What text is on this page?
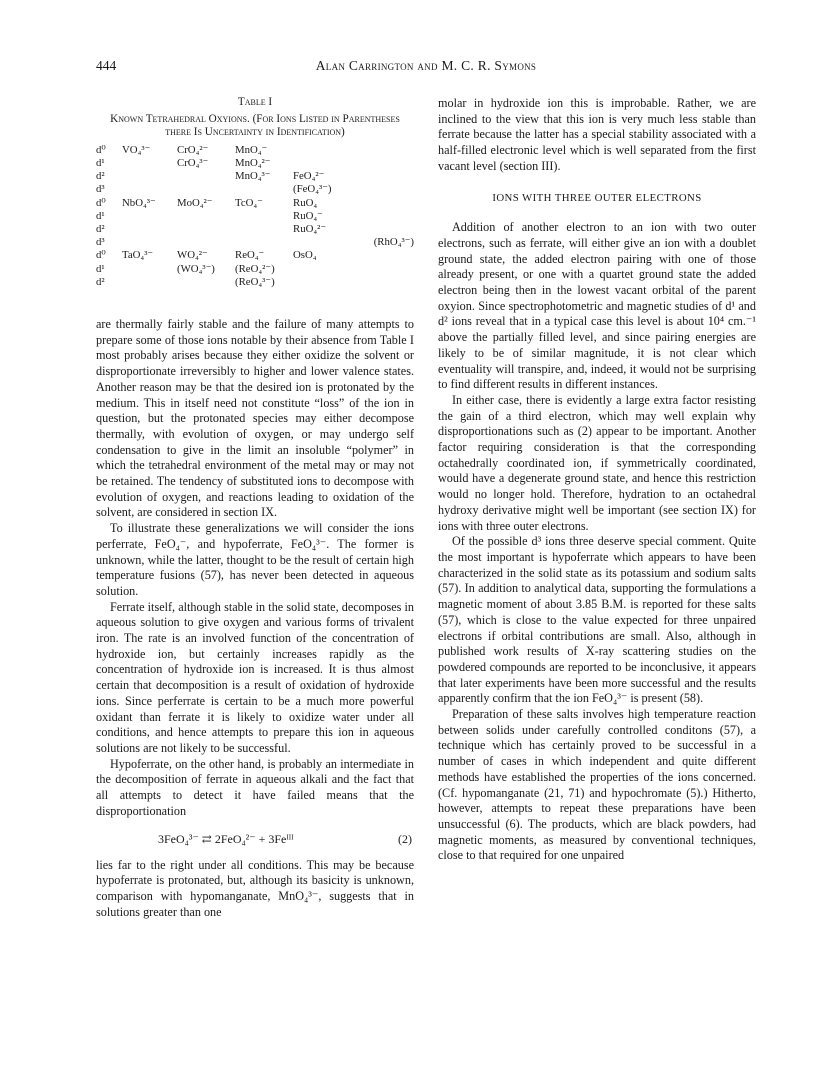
444	Alan Carrington and M. C. R. Symons
Table I
Known Tetrahedral Oxyions. (For Ions Listed in Parentheses there Is Uncertainty in Identification)
d⁰	VO₄³⁻	CrO₄²⁻	MnO₄⁻		
d¹		CrO₄³⁻	MnO₄²⁻		
d²			MnO₄³⁻	FeO₄²⁻	
d³				(FeO₄³⁻)	
d⁰	NbO₄³⁻	MoO₄²⁻	TcO₄⁻	RuO₄	
d¹				RuO₄⁻	
d²				RuO₄²⁻	
d³					(RhO₄³⁻)
d⁰	TaO₄³⁻	WO₄²⁻	ReO₄⁻	OsO₄	
d¹		(WO₄³⁻)	(ReO₄²⁻)		
d²			(ReO₄³⁻)		

are thermally fairly stable and the failure of many attempts to prepare some of those ions notable by their absence from Table I most probably arises because they either oxidize the solvent or disproportionate irreversibly to higher and lower valence states. Another reason may be that the desired ion is protonated by the medium. This in itself need not constitute “loss” of the ion in question, but the protonated species may either decompose thermally, with evolution of oxygen, or may undergo self condensation to give in the limit an insoluble “polymer” in which the tetrahedral environment of the metal may or may not be retained. The tendency of substituted ions to decompose with evolution of oxygen, and reactions leading to oxidation of the solvent, are considered in section IX.

To illustrate these generalizations we will consider the ions perferrate, FeO₄⁻, and hypoferrate, FeO₄³⁻. The former is unknown, while the latter, thought to be the result of certain high temperature fusions (57), has never been detected in aqueous solution.

Ferrate itself, although stable in the solid state, decomposes in aqueous solution to give oxygen and various forms of trivalent iron. The rate is an involved function of the concentration of hydroxide ion, but certainly increases rapidly as the concentration of hydroxide ion is increased. It is thus almost certain that decomposition is a result of oxidation of hydroxide ions. Since perferrate is certain to be a much more powerful oxidant than ferrate it is likely to oxidize water under all conditions, and hence attempts to prepare this ion in aqueous solutions are not likely to be successful.

Hypoferrate, on the other hand, is probably an intermediate in the decomposition of ferrate in aqueous alkali and the fact that all attempts to detect it have failed means that the disproportionation

3FeO₄³⁻ ⇄ 2FeO₄²⁻ + 3Feᴵᴵᴵ	(2)

lies far to the right under all conditions. This may be because hypoferrate is protonated, but, although its basicity is unknown, comparison with hypomanganate, MnO₄³⁻, suggests that in solutions greater than one

molar in hydroxide ion this is improbable. Rather, we are inclined to the view that this ion is very much less stable than ferrate because the latter has a special stability associated with a half-filled electronic level which is well separated from the first vacant level (section III).

IONS WITH THREE OUTER ELECTRONS

Addition of another electron to an ion with two outer electrons, such as ferrate, will either give an ion with a doublet ground state, the added electron pairing with one of those already present, or one with a quartet ground state the added electron being then in the lowest vacant orbital of the parent oxyion. Since spectrophotometric and magnetic studies of d¹ and d² ions reveal that in a typical case this level is about 10⁴ cm.⁻¹ above the partially filled level, and since pairing energies are likely to be of similar magnitude, it is not clear which eventuality will transpire, and, indeed, it would not be surprising to find different results in different instances.

In either case, there is evidently a large extra factor resisting the gain of a third electron, which may well explain why disproportionations such as (2) appear to be important. Another factor requiring consideration is that the corresponding octahedrally coordinated ion, if symmetrically coordinated, would have a degenerate ground state, and hence this restriction would no longer hold. Therefore, hydration to an octahedral hydroxy derivative might well be important (see section IX) for ions with three outer electrons.

Of the possible d³ ions three deserve special comment. Quite the most important is hypoferrate which appears to have been characterized in the solid state as its potassium and sodium salts (57). In addition to analytical data, supporting the formulations a magnetic moment of about 3.85 B.M. is reported for these salts (57), which is close to the value expected for three unpaired electrons if orbital contributions are small. Also, although in published work results of X-ray scattering studies on the powdered compounds are reported to be inconclusive, it appears that later experiments have been more successful and the results apparently confirm that the ion FeO₄³⁻ is present (58).

Preparation of these salts involves high temperature reaction between solids under carefully controlled conditons (57), a technique which has certainly proved to be successful in a number of cases in which independent and quite different methods have established the properties of the ions concerned. (Cf. hypomanganate (21, 71) and hypochromate (5).) Hitherto, however, attempts to repeat these preparations have been unsuccessful (6). The products, which are black powders, had magnetic moments, as measured by conventional techniques, close to that required for one unpaired
